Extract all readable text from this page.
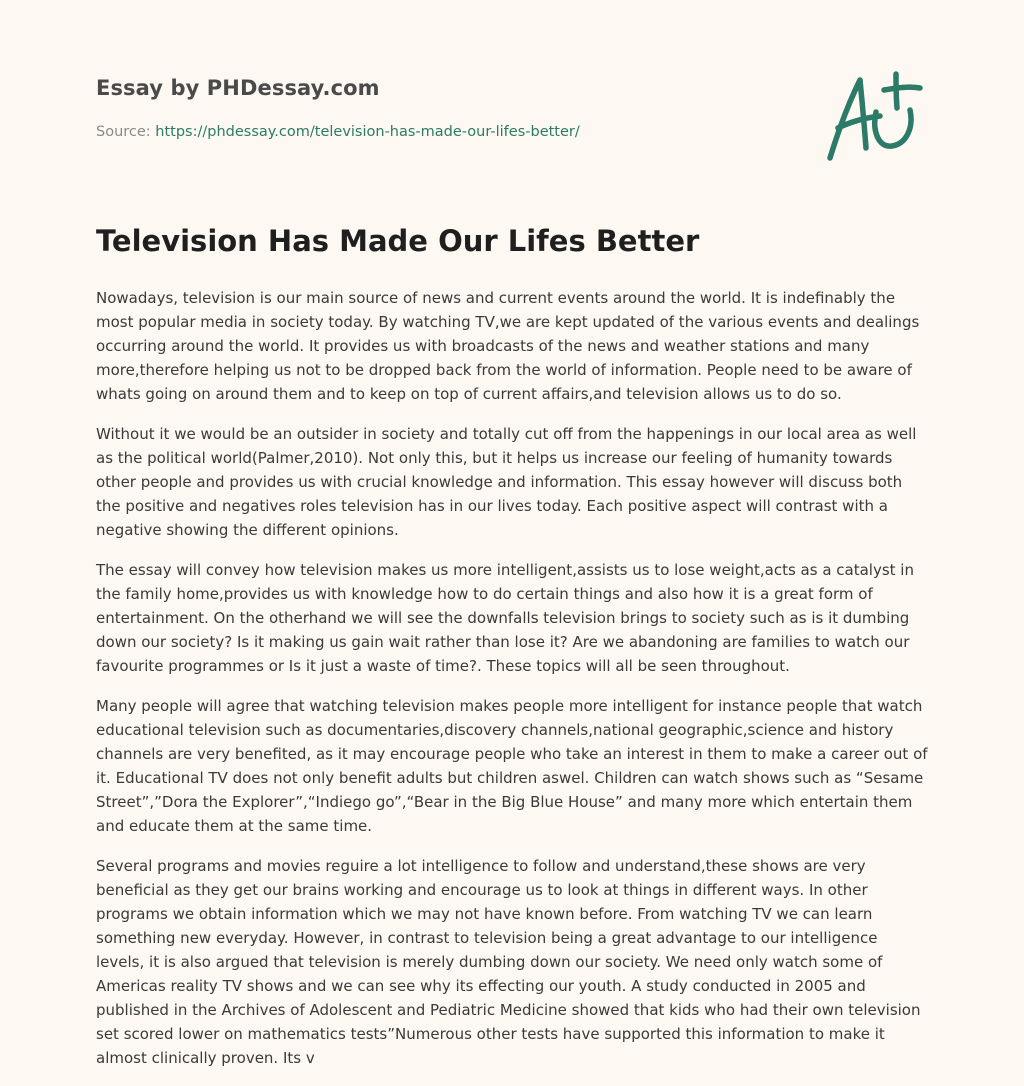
Essay by PHDessay.com
Source: https://phdessay.com/television-has-made-our-lifes-better/
Television Has Made Our Lifes Better

Nowadays, television is our main source of news and current events around the world. It is indefinably the most popular media in society today. By watching TV,we are kept updated of the various events and dealings occurring around the world. It provides us with broadcasts of the news and weather stations and many more,therefore helping us not to be dropped back from the world of information. People need to be aware of whats going on around them and to keep on top of current affairs,and television allows us to do so.

Without it we would be an outsider in society and totally cut off from the happenings in our local area as well as the political world(Palmer,2010). Not only this, but it helps us increase our feeling of humanity towards other people and provides us with crucial knowledge and information. This essay however will discuss both the positive and negatives roles television has in our lives today. Each positive aspect will contrast with a negative showing the different opinions.

The essay will convey how television makes us more intelligent,assists us to lose weight,acts as a catalyst in the family home,provides us with knowledge how to do certain things and also how it is a great form of entertainment. On the otherhand we will see the downfalls television brings to society such as is it dumbing down our society? Is it making us gain wait rather than lose it? Are we abandoning are families to watch our favourite programmes or Is it just a waste of time?. These topics will all be seen throughout.

Many people will agree that watching television makes people more intelligent for instance people that watch educational television such as documentaries,discovery channels,national geographic,science and history channels are very benefited, as it may encourage people who take an interest in them to make a career out of it. Educational TV does not only benefit adults but children aswel. Children can watch shows such as “Sesame Street”,”Dora the Explorer”,“Indiego go”,“Bear in the Big Blue House” and many more which entertain them and educate them at the same time.

Several programs and movies reguire a lot intelligence to follow and understand,these shows are very beneficial as they get our brains working and encourage us to look at things in different ways. In other programs we obtain information which we may not have known before. From watching TV we can learn something new everyday. However, in contrast to television being a great advantage to our intelligence levels, it is also argued that television is merely dumbing down our society. We need only watch some of Americas reality TV shows and we can see why its effecting our youth. A study conducted in 2005 and published in the Archives of Adolescent and Pediatric Medicine showed that kids who had their own television set scored lower on mathematics tests”Numerous other tests have supported this information to make it almost clinically proven. Its v
